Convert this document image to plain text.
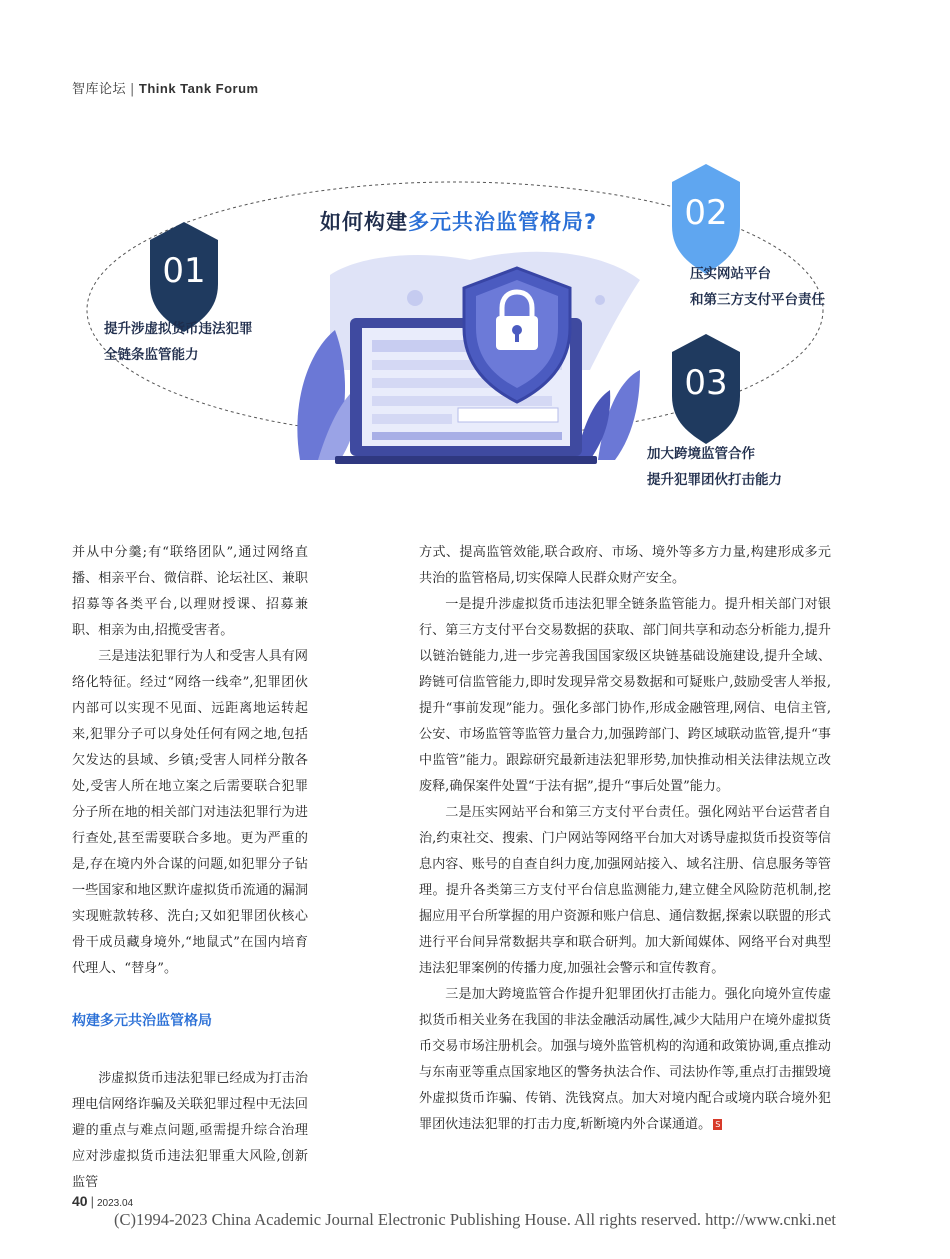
智库论坛 | Think Tank Forum
01
02
03
如何构建多元共治监管格局?
提升涉虚拟货币违法犯罪
全链条监管能力
压实网站平台
和第三方支付平台责任
加大跨境监管合作
提升犯罪团伙打击能力

并从中分羹;有“联络团队”,通过网络直播、相亲平台、微信群、论坛社区、兼职招募等各类平台,以理财授课、招募兼职、相亲为由,招揽受害者。

三是违法犯罪行为人和受害人具有网络化特征。经过“网络一线牵”,犯罪团伙内部可以实现不见面、远距离地运转起来,犯罪分子可以身处任何有网之地,包括欠发达的县域、乡镇;受害人同样分散各处,受害人所在地立案之后需要联合犯罪分子所在地的相关部门对违法犯罪行为进行查处,甚至需要联合多地。更为严重的是,存在境内外合谋的问题,如犯罪分子钻一些国家和地区默许虚拟货币流通的漏洞实现赃款转移、洗白;又如犯罪团伙核心骨干成员藏身境外,“地鼠式”在国内培育代理人、“替身”。

构建多元共治监管格局

涉虚拟货币违法犯罪已经成为打击治理电信网络诈骗及关联犯罪过程中无法回避的重点与难点问题,亟需提升综合治理应对涉虚拟货币违法犯罪重大风险,创新监管

方式、提高监管效能,联合政府、市场、境外等多方力量,构建形成多元共治的监管格局,切实保障人民群众财产安全。

一是提升涉虚拟货币违法犯罪全链条监管能力。提升相关部门对银行、第三方支付平台交易数据的获取、部门间共享和动态分析能力,提升以链治链能力,进一步完善我国国家级区块链基础设施建设,提升全域、跨链可信监管能力,即时发现异常交易数据和可疑账户,鼓励受害人举报,提升“事前发现”能力。强化多部门协作,形成金融管理,网信、电信主管,公安、市场监管等监管力量合力,加强跨部门、跨区域联动监管,提升“事中监管”能力。跟踪研究最新违法犯罪形势,加快推动相关法律法规立改废释,确保案件处置“于法有据”,提升“事后处置”能力。

二是压实网站平台和第三方支付平台责任。强化网站平台运营者自治,约束社交、搜索、门户网站等网络平台加大对诱导虚拟货币投资等信息内容、账号的自查自纠力度,加强网站接入、域名注册、信息服务等管理。提升各类第三方支付平台信息监测能力,建立健全风险防范机制,挖掘应用平台所掌握的用户资源和账户信息、通信数据,探索以联盟的形式进行平台间异常数据共享和联合研判。加大新闻媒体、网络平台对典型违法犯罪案例的传播力度,加强社会警示和宣传教育。

三是加大跨境监管合作提升犯罪团伙打击能力。强化向境外宣传虚拟货币相关业务在我国的非法金融活动属性,减少大陆用户在境外虚拟货币交易市场注册机会。加强与境外监管机构的沟通和政策协调,重点推动与东南亚等重点国家地区的警务执法合作、司法协作等,重点打击摧毁境外虚拟货币诈骗、传销、洗钱窝点。加大对境内配合或境内联合境外犯罪团伙违法犯罪的打击力度,斩断境内外合谋通道。 S

40 | 2023.04
(C)1994-2023 China Academic Journal Electronic Publishing House. All rights reserved. http://www.cnki.net
